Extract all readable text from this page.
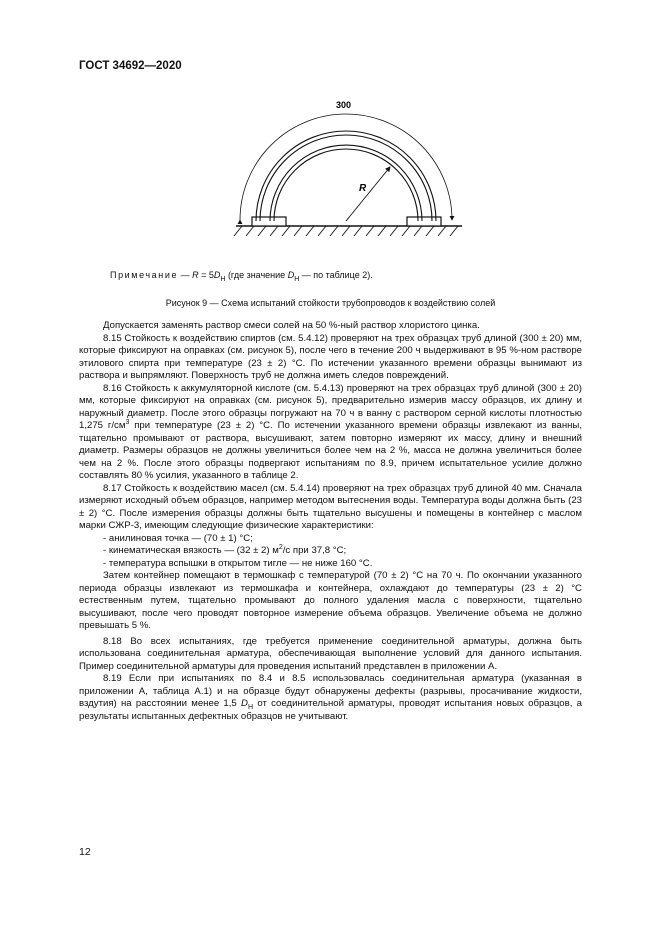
ГОСТ 34692—2020
300
R
Примечание — $R = 5D_H$ (где значение $D_H$ — по таблице 2).
Рисунок 9 — Схема испытаний стойкости трубопроводов к воздействию солей

Допускается заменять раствор смеси солей на 50 %-ный раствор хлористого цинка.

8.15 Стойкость к воздействию спиртов (см. 5.4.12) проверяют на трех образцах труб длиной (300 ± 20) мм, которые фиксируют на оправках (см. рисунок 5), после чего в течение 200 ч выдерживают в 95 %-ном растворе этилового спирта при температуре (23 ± 2) °С. По истечении указанного времени образцы вынимают из раствора и выпрямляют. Поверхность труб не должна иметь следов повреждений.

8.16 Стойкость к аккумуляторной кислоте (см. 5.4.13) проверяют на трех образцах труб длиной (300 ± 20) мм, которые фиксируют на оправках (см. рисунок 5), предварительно измерив массу образцов, их длину и наружный диаметр. После этого образцы погружают на 70 ч в ванну с раствором серной кислоты плотностью 1,275 $г/см^3$ при температуре (23 ± 2) °С. По истечении указанного времени образцы извлекают из ванны, тщательно промывают от раствора, высушивают, затем повторно измеряют их массу, длину и внешний диаметр. Размеры образцов не должны увеличиться более чем на 2 %, масса не должна увеличиться более чем на 2 %. После этого образцы подвергают испытаниям по 8.9, причем испытательное усилие должно составлять 80 % усилия, указанного в таблице 2.

8.17 Стойкость к воздействию масел (см. 5.4.14) проверяют на трех образцах труб длиной 40 мм. Сначала измеряют исходный объем образцов, например методом вытеснения воды. Температура воды должна быть (23 ± 2) °С. После измерения образцы должны быть тщательно высушены и помещены в контейнер с маслом марки СЖР-3, имеющим следующие физические характеристики:

- анилиновая точка — (70 ± 1) °С;

- кинематическая вязкость — (32 ± 2) $м^2/с$ при 37,8 °С;

- температура вспышки в открытом тигле — не ниже 160 °С.

Затем контейнер помещают в термошкаф с температурой (70 ± 2) °С на 70 ч. По окончании указанного периода образцы извлекают из термошкафа и контейнера, охлаждают до температуры (23 ± 2) °С естественным путем, тщательно промывают до полного удаления масла с поверхности, тщательно высушивают, после чего проводят повторное измерение объема образцов. Увеличение объема не должно превышать 5 %.

8.18 Во всех испытаниях, где требуется применение соединительной арматуры, должна быть использована соединительная арматура, обеспечивающая выполнение условий для данного испытания. Пример соединительной арматуры для проведения испытаний представлен в приложении А.

8.19 Если при испытаниях по 8.4 и 8.5 использовалась соединительная арматура (указанная в приложении А, таблица А.1) и на образце будут обнаружены дефекты (разрывы, просачивание жидкости, вздутия) на расстоянии менее 1,5 $D_H$ от соединительной арматуры, проводят испытания новых образцов, а результаты испытанных дефектных образцов не учитывают.

12
